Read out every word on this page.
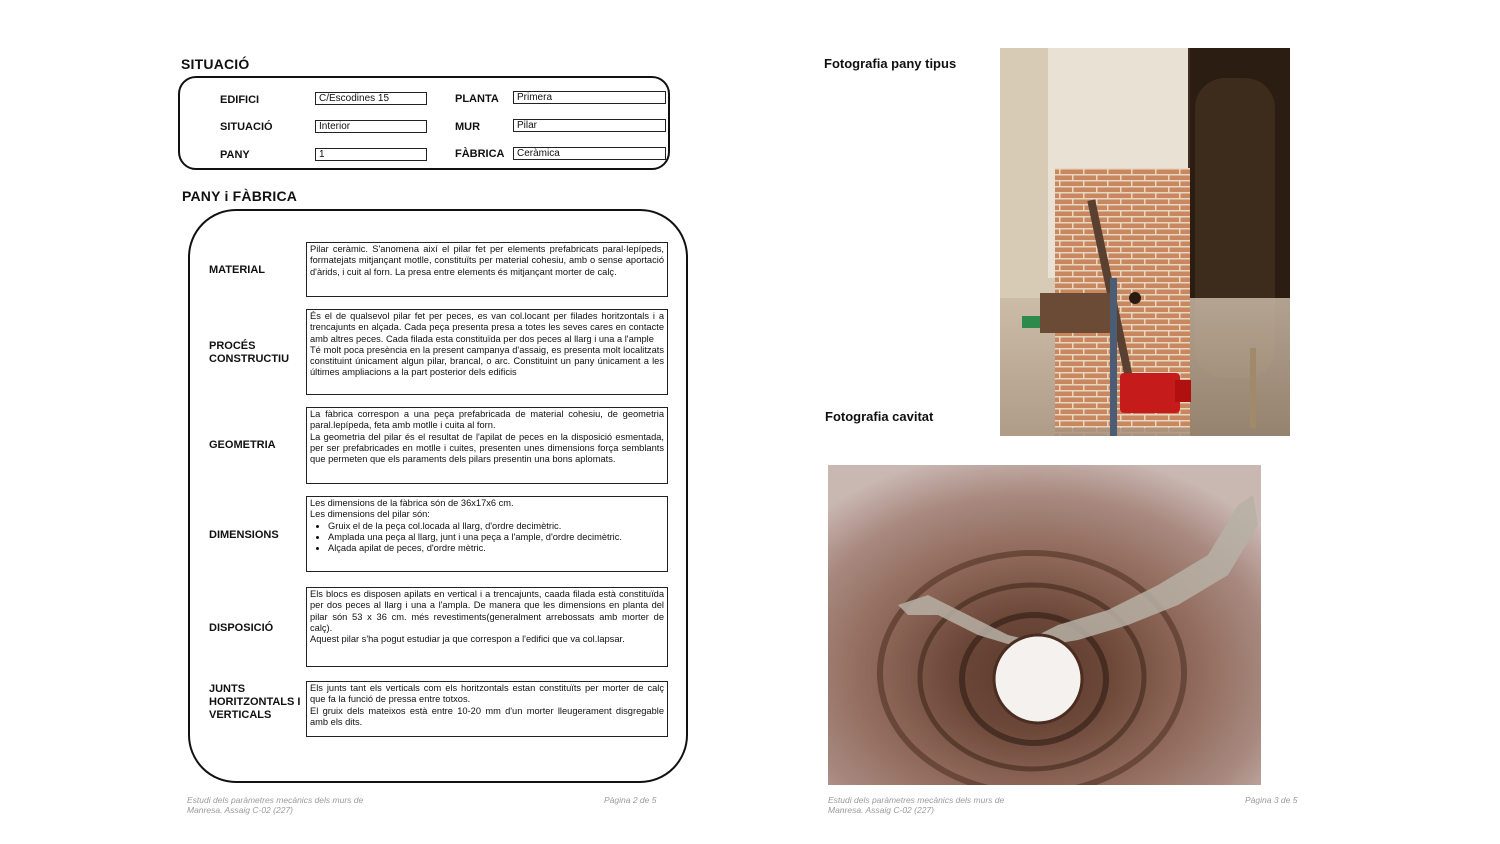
SITUACIÓ
EDIFICI	C/Escodines 15
SITUACIÓ	Interior
PANY	1
PLANTA	Primera
MUR	Pilar
FÀBRICA	Ceràmica
PANY i FÀBRICA
MATERIAL
Pilar ceràmic. S'anomena així el pilar fet per elements prefabricats paral·lepípeds, formatejats mitjançant motlle, constituïts per material cohesiu, amb o sense aportació d'àrids, i cuit al forn. La presa entre elements és mitjançant morter de calç.
PROCÉS CONSTRUCTIU
És el de qualsevol pilar fet per peces, es van col.locant per filades horitzontals i a trencajunts en alçada. Cada peça presenta presa a totes les seves cares en contacte amb altres peces. Cada filada esta constituïda per dos peces al llarg i una a l'ample
Té molt poca presència en la present campanya d'assaig, es presenta molt localitzats constituint únicament algun pilar, brancal, o arc. Constituint un pany únicament a les últimes ampliacions a la part posterior dels edificis
GEOMETRIA
La fàbrica correspon a una peça prefabricada de material cohesiu, de geometria paral.lepípeda, feta amb motlle i cuita al forn.
La geometria del pilar és el resultat de l'apilat de peces en la disposició esmentada, per ser prefabricades en motlle i cuites, presenten unes dimensions força semblants que permeten que els paraments dels pilars presentin una bons aplomats.
DIMENSIONS
Les dimensions de la fàbrica són de 36x17x6 cm.
Les dimensions del pilar són:
• Gruix el de la peça col.locada al llarg, d'ordre decimètric.
• Amplada una peça al llarg, junt i una peça a l'ample, d'ordre decimètric.
• Alçada apilat de peces, d'ordre mètric.
DISPOSICIÓ
Els blocs es disposen apilats en vertical i a trencajunts, caada filada està constituïda per dos peces al llarg i una a l'ampla. De manera que les dimensions en planta del pilar són 53 x 36 cm. més revestiments(generalment arrebossats amb morter de calç).
Aquest pilar s'ha pogut estudiar ja que correspon a l'edifici que va col.lapsar.
JUNTS HORITZONTALS I VERTICALS
Els junts tant els verticals com els horitzontals estan constituïts per morter de calç que fa la funció de pressa entre totxos.
El gruix dels mateixos està entre 10-20 mm d'un morter lleugerament disgregable amb els dits.
Estudi dels paràmetres mecànics dels murs de
Manresa. Assaig C-02 (227)
Pàgina 2 de 5
Fotografia pany tipus
Fotografia cavitat
Estudi dels paràmetres mecànics dels murs de
Manresa. Assaig C-02 (227)
Pàgina 3 de 5
